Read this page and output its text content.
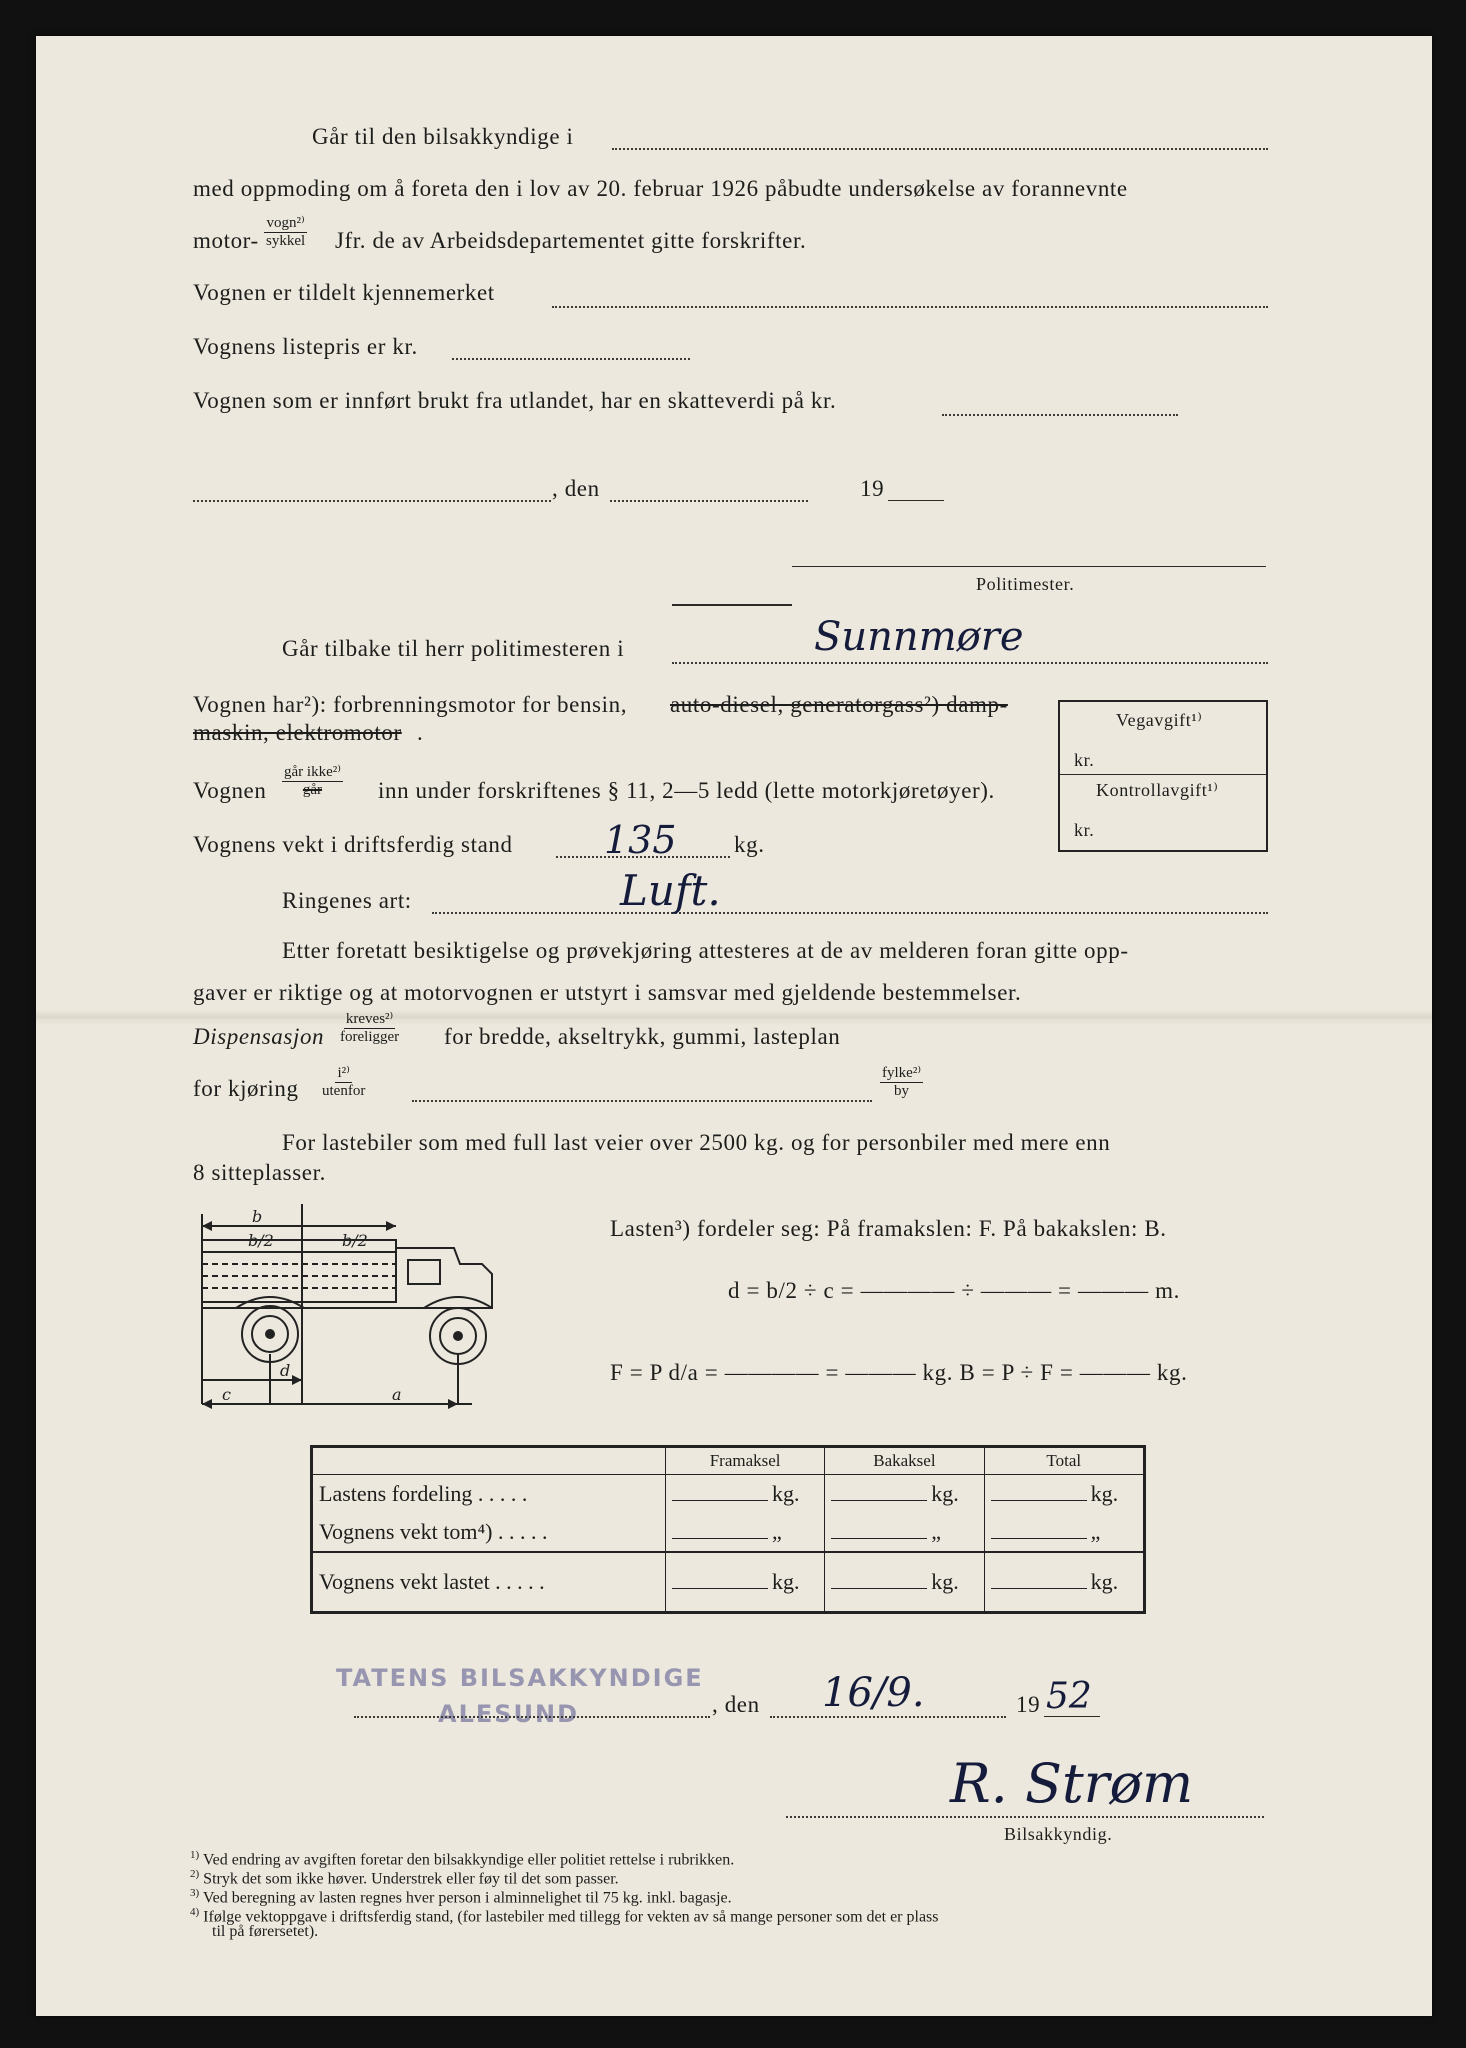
Går til den bilsakkyndige i
med oppmoding om å foreta den i lov av 20. februar 1926 påbudte undersøkelse av forannevnte
motor-
vogn²⁾
sykkel Jfr. de av Arbeidsdepartementet gitte forskrifter.
Vognen er tildelt kjennemerket
Vognens listepris er kr.
Vognen som er innført brukt fra utlandet, har en skatteverdi på kr.
, den	19
Politimester.
Går tilbake til herr politimesteren i	Sunnmøre
Vognen har²): forbrenningsmotor for bensin, auto-diesel, generatorgass²) damp-
maskin, elektromotor .	Vegavgift¹⁾
kr.
Kontrollavgift¹⁾
kr.
Vognen
går ikke²⁾
går inn under forskriftenes § 11, 2—5 ledd (lette motorkjøretøyer).
Vognens vekt i driftsferdig stand 135 kg.
Ringenes art:	Luft.
Etter foretatt besiktigelse og prøvekjøring attesteres at de av melderen foran gitte opp-
gaver er riktige og at motorvognen er utstyrt i samsvar med gjeldende bestemmelser.
Dispensasjon
kreves²⁾
foreligger for bredde, akseltrykk, gummi, lasteplan
for kjøring
i²⁾
utenfor
fylke²⁾
by
For lastebiler som med full last veier over 2500 kg. og for personbiler med mere enn
8 sitteplasser.
b
b/2	b/2
c
d
a
Lasten³) fordeler seg: På framakslen: F. På bakakslen: B.
d = b/2 ÷ c = ———— ÷ ——— = ——— m.
F = P d/a = ———— = ——— kg. B = P ÷ F = ——— kg.
	Framaksel	Bakaksel	Total
Lastens fordeling . . . . .	kg.	kg.	kg.
Vognens vekt tom⁴) . . . . .	„	„	„
Vognens vekt lastet . . . . .	kg.	kg.	kg.
TATENS BILSAKKYNDIGE
ALESUND	, den 16/9.	19 52
R. Strøm
Bilsakkyndig.
$^{1)}$ Ved endring av avgiften foretar den bilsakkyndige eller politiet rettelse i rubrikken.
$^{2)}$ Stryk det som ikke høver. Understrek eller føy til det som passer.
$^{3)}$ Ved beregning av lasten regnes hver person i alminnelighet til 75 kg. inkl. bagasje.
$^{4)}$ Ifølge vektoppgave i driftsferdig stand, (for lastebiler med tillegg for vekten av så mange personer som det er plass
til på førersetet).
